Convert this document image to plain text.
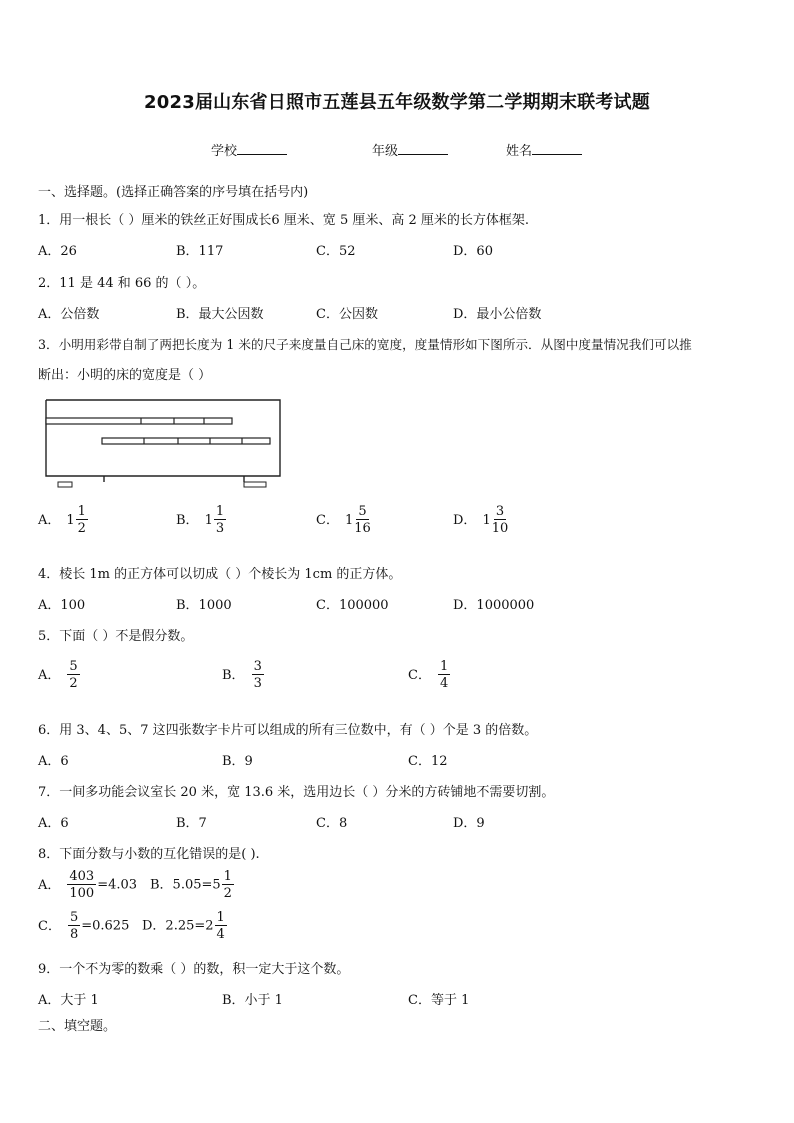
2023届山东省日照市五莲县五年级数学第二学期期末联考试题
学校	年级	姓名
一、选择题。(选择正确答案的序号填在括号内)
1．用一根长（ ）厘米的铁丝正好围成长6 厘米、宽 5 厘米、高 2 厘米的长方体框架.
A．26	B．117	C．52	D．60
2．11 是 44 和 66 的（ ）。
A．公倍数	B．最大公因数	C．公因数	D．最小公倍数
3．小明用彩带自制了两把长度为 1 米的尺子来度量自己床的宽度，度量情形如下图所示．从图中度量情况我们可以推
断出：小明的床的宽度是（ ）
A． $1 \frac{1}{2}$	B． $1 \frac{1}{3}$	C． $1 \frac{5}{16}$	D． $1 \frac{3}{10}$
4．棱长 1m 的正方体可以切成（ ）个棱长为 1cm 的正方体。
A．100	B．1000	C．100000	D．1000000
5．下面（ ）不是假分数。
A． $\frac{5}{2}$	B． $\frac{3}{3}$	C． $\frac{1}{4}$
6．用 3、4、5、7 这四张数字卡片可以组成的所有三位数中，有（ ）个是 3 的倍数。
A．6	B．9	C．12
7．一间多功能会议室长 20 米，宽 13.6 米，选用边长（ ）分米的方砖铺地不需要切割。
A．6	B．7	C．8	D．9
8．下面分数与小数的互化错误的是( ).
A． $\frac{403}{100} =4.03$ B．$5.05=5 \frac{1}{2}$
C． $\frac{5}{8} =0.625$ D．$2.25=2 \frac{1}{4}$
9．一个不为零的数乘（ ）的数，积一定大于这个数。
A．大于 1	B．小于 1	C．等于 1
二、填空题。
